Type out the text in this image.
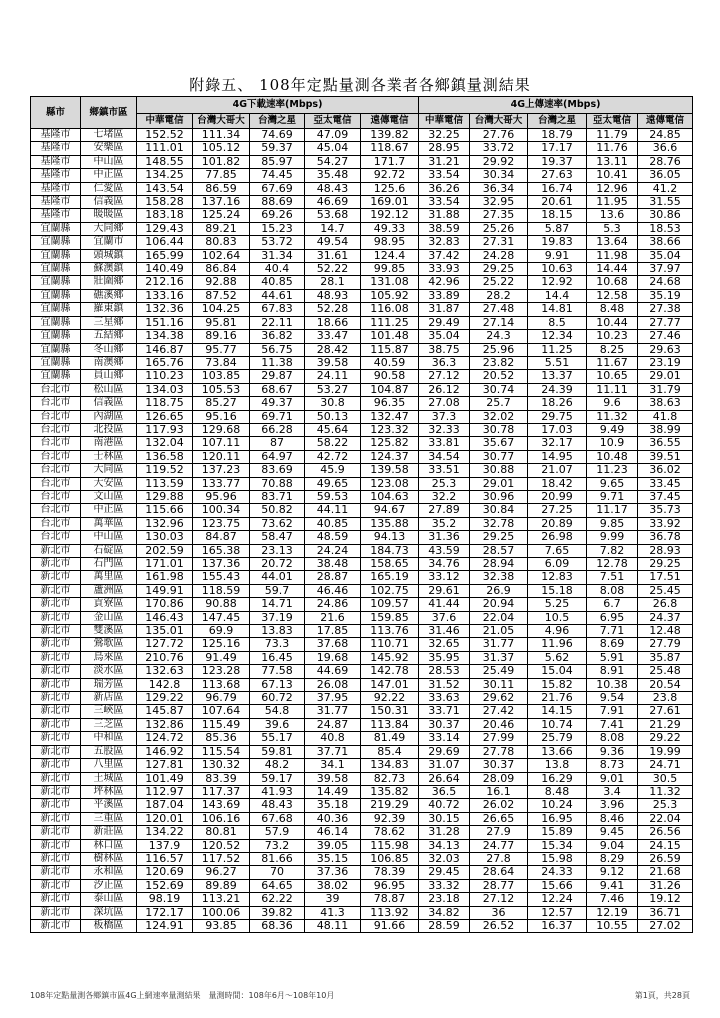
附錄五、 108年定點量測各業者各鄉鎮量測結果
縣市	鄉鎮市區	4G下載速率(Mbps)					4G上傳速率(Mbps)				
		中華電信	台灣大哥大	台灣之星	亞太電信	遠傳電信	中華電信	台灣大哥大	台灣之星	亞太電信	遠傳電信
基隆市	七堵區	152.52	111.34	74.69	47.09	139.82	32.25	27.76	18.79	11.79	24.85
基隆市	安樂區	111.01	105.12	59.37	45.04	118.67	28.95	33.72	17.17	11.76	36.6
基隆市	中山區	148.55	101.82	85.97	54.27	171.7	31.21	29.92	19.37	13.11	28.76
基隆市	中正區	134.25	77.85	74.45	35.48	92.72	33.54	30.34	27.63	10.41	36.05
基隆市	仁愛區	143.54	86.59	67.69	48.43	125.6	36.26	36.34	16.74	12.96	41.2
基隆市	信義區	158.28	137.16	88.69	46.69	169.01	33.54	32.95	20.61	11.95	31.55
基隆市	暖暖區	183.18	125.24	69.26	53.68	192.12	31.88	27.35	18.15	13.6	30.86
宜蘭縣	大同鄉	129.43	89.21	15.23	14.7	49.33	38.59	25.26	5.87	5.3	18.53
宜蘭縣	宜蘭市	106.44	80.83	53.72	49.54	98.95	32.83	27.31	19.83	13.64	38.66
宜蘭縣	頭城鎮	165.99	102.64	31.34	31.61	124.4	37.42	24.28	9.91	11.98	35.04
宜蘭縣	蘇澳鎮	140.49	86.84	40.4	52.22	99.85	33.93	29.25	10.63	14.44	37.97
宜蘭縣	壯圍鄉	212.16	92.88	40.85	28.1	131.08	42.96	25.22	12.92	10.68	24.68
宜蘭縣	礁溪鄉	133.16	87.52	44.61	48.93	105.92	33.89	28.2	14.4	12.58	35.19
宜蘭縣	羅東鎮	132.36	104.25	67.83	52.28	116.08	31.87	27.48	14.81	8.48	27.38
宜蘭縣	三星鄉	151.16	95.81	22.11	18.66	111.25	29.49	27.14	8.5	10.44	27.77
宜蘭縣	五結鄉	134.38	89.16	36.82	33.47	101.48	35.04	24.3	12.34	10.23	27.46
宜蘭縣	冬山鄉	146.87	95.77	56.75	28.42	115.87	38.75	25.96	11.25	8.25	29.63
宜蘭縣	南澳鄉	165.76	73.84	11.38	39.58	40.59	36.3	23.82	5.51	11.67	23.19
宜蘭縣	員山鄉	110.23	103.85	29.87	24.11	90.58	27.12	20.52	13.37	10.65	29.01
台北市	松山區	134.03	105.53	68.67	53.27	104.87	26.12	30.74	24.39	11.11	31.79
台北市	信義區	118.75	85.27	49.37	30.8	96.35	27.08	25.7	18.26	9.6	38.63
台北市	內湖區	126.65	95.16	69.71	50.13	132.47	37.3	32.02	29.75	11.32	41.8
台北市	北投區	117.93	129.68	66.28	45.64	123.32	32.33	30.78	17.03	9.49	38.99
台北市	南港區	132.04	107.11	87	58.22	125.82	33.81	35.67	32.17	10.9	36.55
台北市	士林區	136.58	120.11	64.97	42.72	124.37	34.54	30.77	14.95	10.48	39.51
台北市	大同區	119.52	137.23	83.69	45.9	139.58	33.51	30.88	21.07	11.23	36.02
台北市	大安區	113.59	133.77	70.88	49.65	123.08	25.3	29.01	18.42	9.65	33.45
台北市	文山區	129.88	95.96	83.71	59.53	104.63	32.2	30.96	20.99	9.71	37.45
台北市	中正區	115.66	100.34	50.82	44.11	94.67	27.89	30.84	27.25	11.17	35.73
台北市	萬華區	132.96	123.75	73.62	40.85	135.88	35.2	32.78	20.89	9.85	33.92
台北市	中山區	130.03	84.87	58.47	48.59	94.13	31.36	29.25	26.98	9.99	36.78
新北市	石碇區	202.59	165.38	23.13	24.24	184.73	43.59	28.57	7.65	7.82	28.93
新北市	石門區	171.01	137.36	20.72	38.48	158.65	34.76	28.94	6.09	12.78	29.25
新北市	萬里區	161.98	155.43	44.01	28.87	165.19	33.12	32.38	12.83	7.51	17.51
新北市	蘆洲區	149.91	118.59	59.7	46.46	102.75	29.61	26.9	15.18	8.08	25.45
新北市	貢寮區	170.86	90.88	14.71	24.86	109.57	41.44	20.94	5.25	6.7	26.8
新北市	金山區	146.43	147.45	37.19	21.6	159.85	37.6	22.04	10.5	6.95	24.37
新北市	雙溪區	135.01	69.9	13.83	17.85	113.76	31.46	21.05	4.96	7.71	12.48
新北市	鶯歌區	127.72	125.16	73.3	37.68	110.71	32.65	31.77	11.96	8.69	27.79
新北市	烏來區	210.76	91.49	16.45	19.68	145.92	35.95	31.37	5.62	5.91	35.87
新北市	淡水區	132.63	123.28	77.58	44.69	142.78	28.53	25.49	15.04	8.91	25.48
新北市	瑞芳區	142.8	113.68	67.13	26.08	147.01	31.52	30.11	15.82	10.38	20.54
新北市	新店區	129.22	96.79	60.72	37.95	92.22	33.63	29.62	21.76	9.54	23.8
新北市	三峽區	145.87	107.64	54.8	31.77	150.31	33.71	27.42	14.15	7.91	27.61
新北市	三芝區	132.86	115.49	39.6	24.87	113.84	30.37	20.46	10.74	7.41	21.29
新北市	中和區	124.72	85.36	55.17	40.8	81.49	33.14	27.99	25.79	8.08	29.22
新北市	五股區	146.92	115.54	59.81	37.71	85.4	29.69	27.78	13.66	9.36	19.99
新北市	八里區	127.81	130.32	48.2	34.1	134.83	31.07	30.37	13.8	8.73	24.71
新北市	土城區	101.49	83.39	59.17	39.58	82.73	26.64	28.09	16.29	9.01	30.5
新北市	坪林區	112.97	117.37	41.93	14.49	135.82	36.5	16.1	8.48	3.4	11.32
新北市	平溪區	187.04	143.69	48.43	35.18	219.29	40.72	26.02	10.24	3.96	25.3
新北市	三重區	120.01	106.16	67.68	40.36	92.39	30.15	26.65	16.95	8.46	22.04
新北市	新莊區	134.22	80.81	57.9	46.14	78.62	31.28	27.9	15.89	9.45	26.56
新北市	林口區	137.9	120.52	73.2	39.05	115.98	34.13	24.77	15.34	9.04	24.15
新北市	樹林區	116.57	117.52	81.66	35.15	106.85	32.03	27.8	15.98	8.29	26.59
新北市	永和區	120.69	96.27	70	37.36	78.39	29.45	28.64	24.33	9.12	21.68
新北市	汐止區	152.69	89.89	64.65	38.02	96.95	33.32	28.77	15.66	9.41	31.26
新北市	泰山區	98.19	113.21	62.22	39	78.87	23.18	27.12	12.24	7.46	19.12
新北市	深坑區	172.17	100.06	39.82	41.3	113.92	34.82	36	12.57	12.19	36.71
新北市	板橋區	124.91	93.85	68.36	48.11	91.66	28.59	26.52	16.37	10.55	27.02
108年定點量測各鄉鎮市區4G上網速率量測結果　量測時間：108年6月～108年10月	第1頁，共28頁
